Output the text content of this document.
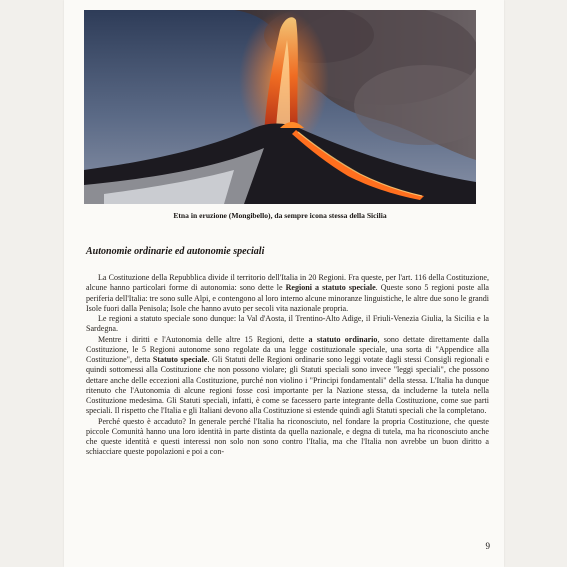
Etna in eruzione (Mongibello), da sempre icona stessa della Sicilia
Autonomie ordinarie ed autonomie speciali

La Costituzione della Repubblica divide il territorio dell'Italia in 20 Regioni. Fra queste, per l'art. 116 della Costituzione, alcune hanno particolari forme di autonomia: sono dette le Regioni a statuto speciale. Queste sono 5 regioni poste alla periferia dell'Italia: tre sono sulle Alpi, e contengono al loro interno alcune minoranze linguistiche, le altre due sono le grandi Isole fuori dalla Penisola; Isole che hanno avuto per secoli vita nazionale propria.

Le regioni a statuto speciale sono dunque: la Val d'Aosta, il Trentino-Alto Adige, il Friuli-Venezia Giulia, la Sicilia e la Sardegna.

Mentre i diritti e l'Autonomia delle altre 15 Regioni, dette a statuto ordinario, sono dettate direttamente dalla Costituzione, le 5 Regioni autonome sono regolate da una legge costituzionale speciale, una sorta di "Appendice alla Costituzione", detta Statuto speciale. Gli Statuti delle Regioni ordinarie sono leggi votate dagli stessi Consigli regionali e quindi sottomessi alla Costituzione che non possono violare; gli Statuti speciali sono invece "leggi speciali", che possono dettare anche delle eccezioni alla Costituzione, purché non violino i "Principi fondamentali" della stessa. L'Italia ha dunque ritenuto che l'Autonomia di alcune regioni fosse così importante per la Nazione stessa, da includerne la tutela nella Costituzione medesima. Gli Statuti speciali, infatti, è come se facessero parte integrante della Costituzione, come sue parti speciali. Il rispetto che l'Italia e gli Italiani devono alla Costituzione si estende quindi agli Statuti speciali che la completano.

Perché questo è accaduto? In generale perché l'Italia ha riconosciuto, nel fondare la propria Costituzione, che queste piccole Comunità hanno una loro identità in parte distinta da quella nazionale, e degna di tutela, ma ha riconosciuto anche che queste identità e questi interessi non solo non sono contro l'Italia, ma che l'Italia non avrebbe un buon diritto a schiacciare queste popolazioni e poi a con-

9
